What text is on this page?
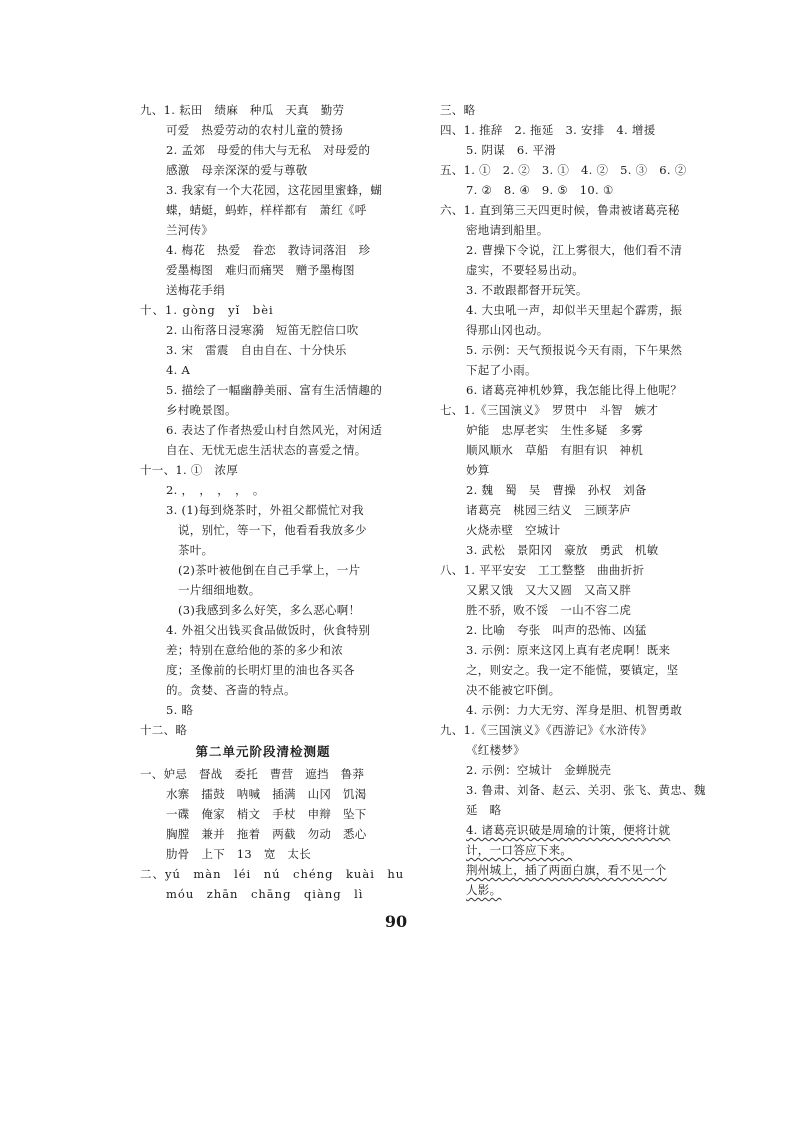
九、1. 耘田　绩麻　种瓜　天真　勤劳
可爱　热爱劳动的农村儿童的赞扬
2. 孟郊　母爱的伟大与无私　对母爱的
感激　母亲深深的爱与尊敬
3. 我家有一个大花园，这花园里蜜蜂，蝴
蝶，蜻蜓，蚂蚱，样样都有　萧红《呼
兰河传》
4. 梅花　热爱　眷恋　教诗词落泪　珍
爱墨梅图　难归而痛哭　赠予墨梅图
送梅花手绢
十、1. gòng　yǐ　bèi
2. 山衔落日浸寒漪　短笛无腔信口吹
3. 宋　雷震　自由自在、十分快乐
4. A
5. 描绘了一幅幽静美丽、富有生活情趣的
乡村晚景图。
6. 表达了作者热爱山村自然风光，对闲适
自在、无忧无虑生活状态的喜爱之情。
十一、1. ①　浓厚
2. ，　，　，　，　。
3. (1)每到烧茶时，外祖父都慌忙对我
说，别忙，等一下，他看看我放多少
茶叶。
(2)茶叶被他倒在自己手掌上，一片
一片细细地数。
(3)我感到多么好笑，多么恶心啊！
4. 外祖父出钱买食品做饭时，伙食特别
差；特别在意给他的茶的多少和浓
度；圣像前的长明灯里的油也各买各
的。贪婪、吝啬的特点。
5. 略
十二、略
第二单元阶段清检测题
一、妒忌　督战　委托　曹营　遮挡　鲁莽
水寨　擂鼓　呐喊　插满　山冈　饥渴
一碟　俺家　梢文　手杖　申辩　坠下
胸膛　兼并　拖着　两截　勿动　悉心
肋骨　上下　13　宽　太长
二、yú　màn　léi　nú　chéng　kuài　hu
móu　zhān　chāng　qiàng　lì
三、略
四、1. 推辞　2. 拖延　3. 安排　4. 增援
5. 阴谋　6. 平滑
五、1. ①　2. ②　3. ①　4. ②　5. ③　6. ②
7. ②　8. ④　9. ⑤　10. ①
六、1. 直到第三天四更时候，鲁肃被诸葛亮秘
密地请到船里。
2. 曹操下令说，江上雾很大，他们看不清
虚实，不要轻易出动。
3. 不敢跟都督开玩笑。
4. 大虫吼一声，却似半天里起个霹雳，振
得那山冈也动。
5. 示例：天气预报说今天有雨，下午果然
下起了小雨。
6. 诸葛亮神机妙算，我怎能比得上他呢？
七、1.《三国演义》　罗贯中　斗智　嫉才
妒能　忠厚老实　生性多疑　多雾
顺风顺水　草船　有胆有识　神机
妙算
2. 魏　蜀　吴　曹操　孙权　刘备
诸葛亮　桃园三结义　三顾茅庐
火烧赤壁　空城计
3. 武松　景阳冈　豪放　勇武　机敏
八、1. 平平安安　工工整整　曲曲折折
又累又饿　又大又圆　又高又胖
胜不骄，败不馁　一山不容二虎
2. 比喻　夸张　叫声的恐怖、凶猛
3. 示例：原来这冈上真有老虎啊！既来
之，则安之。我一定不能慌，要镇定，坚
决不能被它吓倒。
4. 示例：力大无穷、浑身是胆、机智勇敢
九、1.《三国演义》《西游记》《水浒传》
《红楼梦》
2. 示例：空城计　金蝉脱壳
3. 鲁肃、刘备、赵云、关羽、张飞、黄忠、魏
延　略
4. 诸葛亮识破是周瑜的计策，便将计就
计，一口答应下来。
荆州城上，插了两面白旗，看不见一个
人影。
90
